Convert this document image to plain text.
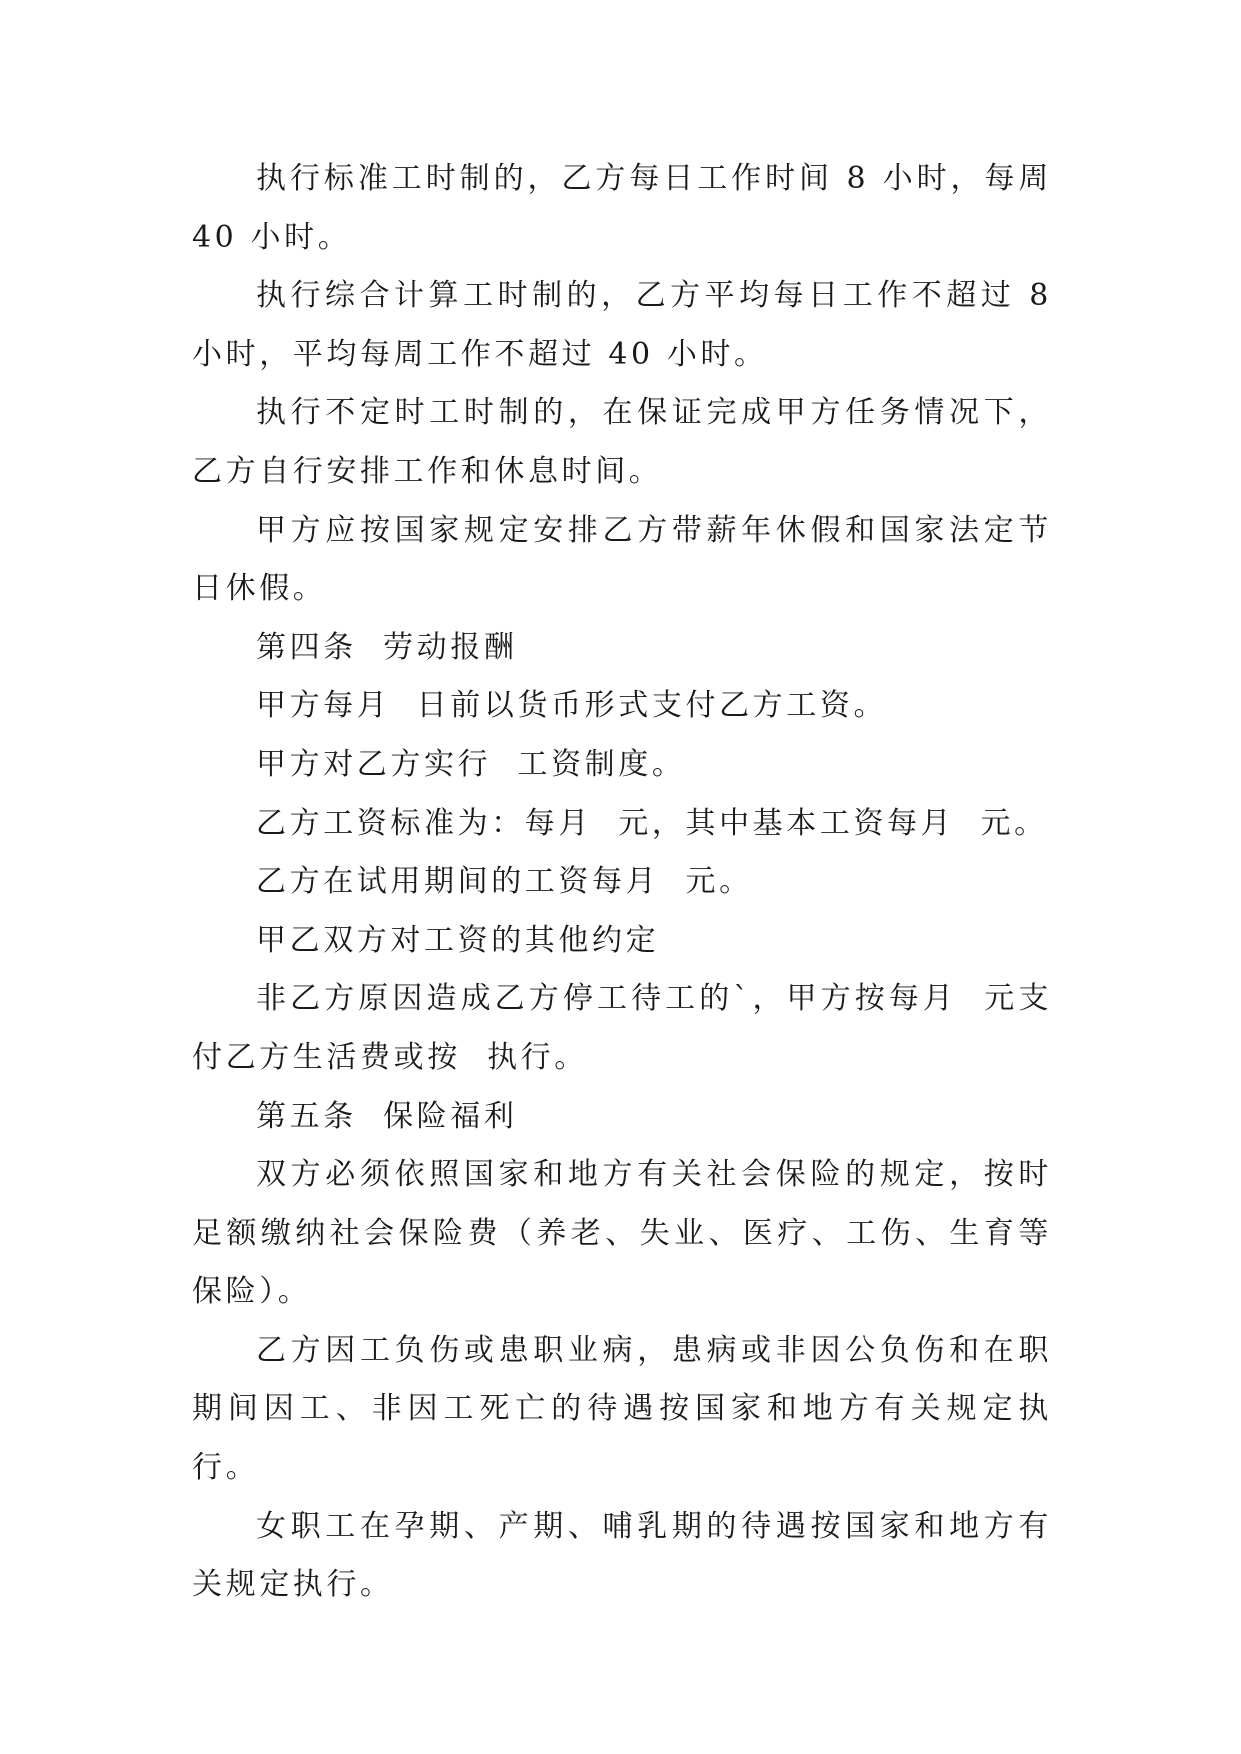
执行标准工时制的，乙方每日工作时间 8 小时，每周 40 小时。

执行综合计算工时制的，乙方平均每日工作不超过 8 小时，平均每周工作不超过 40 小时。

执行不定时工时制的，在保证完成甲方任务情况下，乙方自行安排工作和休息时间。

甲方应按国家规定安排乙方带薪年休假和国家法定节日休假。

第四条  劳动报酬

甲方每月  日前以货币形式支付乙方工资。

甲方对乙方实行  工资制度。

乙方工资标准为：每月  元，其中基本工资每月  元。

乙方在试用期间的工资每月  元。

甲乙双方对工资的其他约定

非乙方原因造成乙方停工待工的`，甲方按每月  元支付乙方生活费或按  执行。

第五条  保险福利

双方必须依照国家和地方有关社会保险的规定，按时足额缴纳社会保险费（养老、失业、医疗、工伤、生育等保险）。

乙方因工负伤或患职业病，患病或非因公负伤和在职期间因工、非因工死亡的待遇按国家和地方有关规定执行。

女职工在孕期、产期、哺乳期的待遇按国家和地方有关规定执行。
